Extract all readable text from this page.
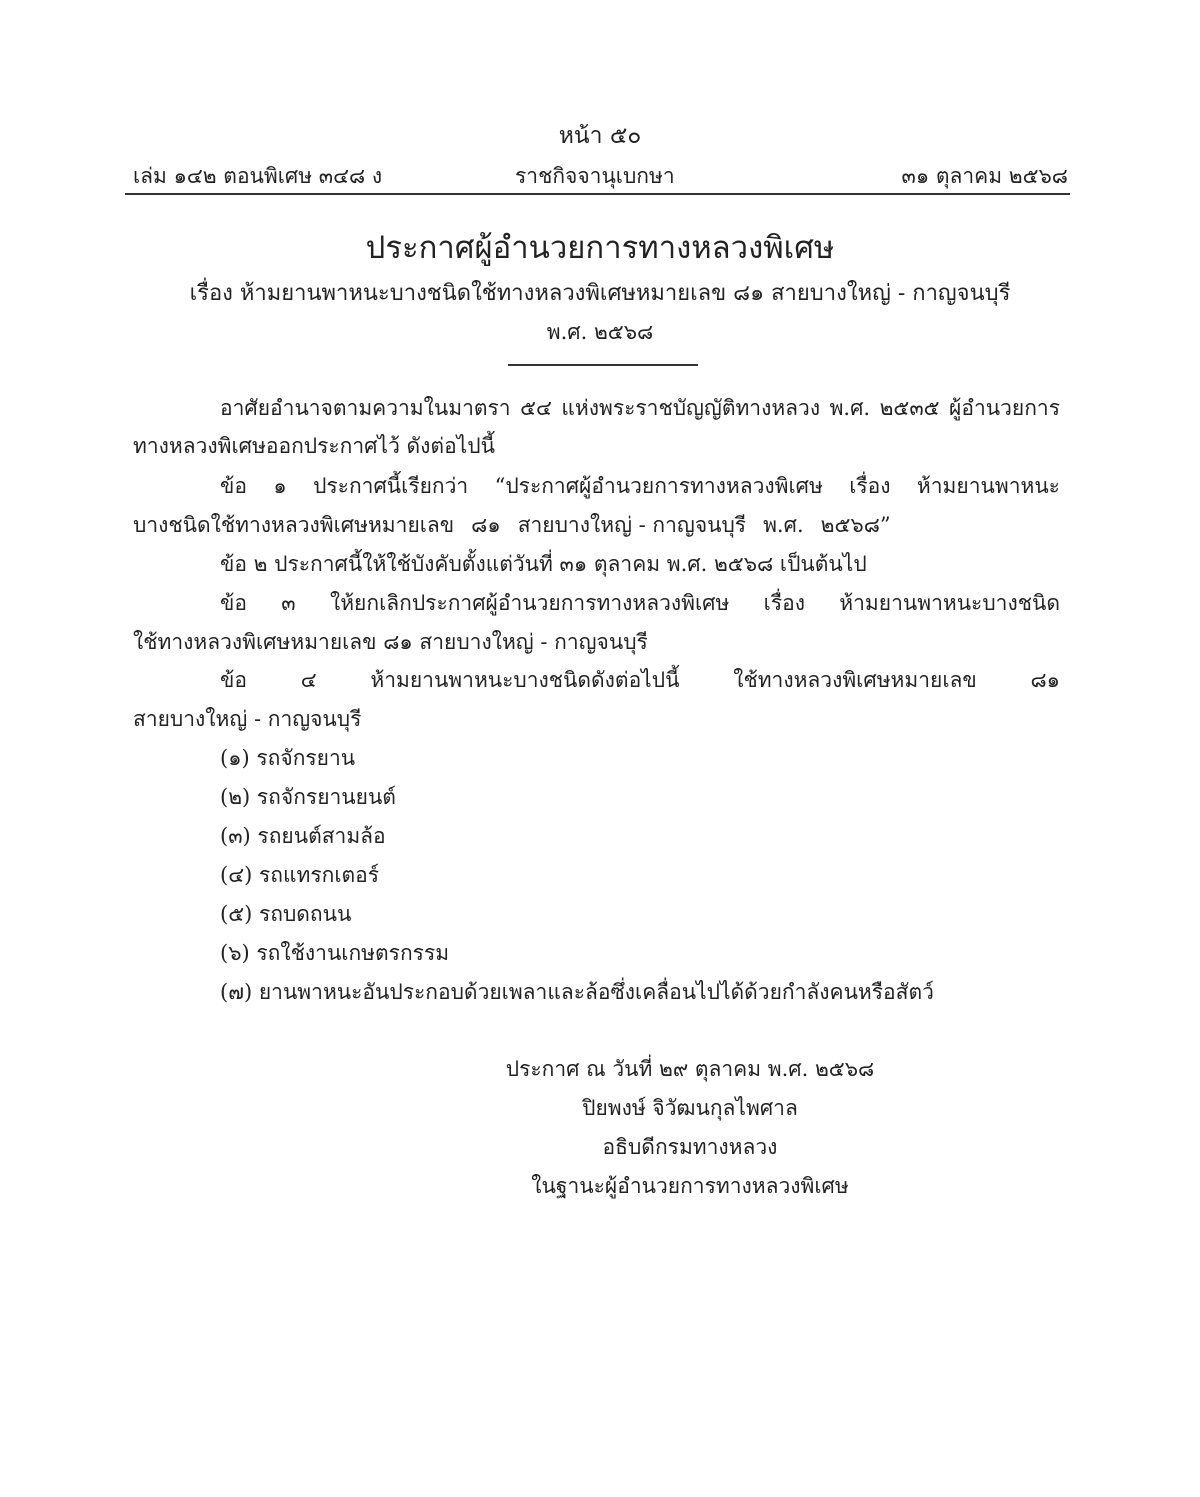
หน้า ๕๐
เล่ม ๑๔๒ ตอนพิเศษ ๓๔๘ ง	ราชกิจจานุเบกษา	๓๑ ตุลาคม ๒๕๖๘
ประกาศผู้อำนวยการทางหลวงพิเศษ
เรื่อง ห้ามยานพาหนะบางชนิดใช้ทางหลวงพิเศษหมายเลข ๘๑ สายบางใหญ่ - กาญจนบุรี
พ.ศ. ๒๕๖๘
อาศัยอำนาจตามความในมาตรา ๕๔ แห่งพระราชบัญญัติทางหลวง พ.ศ. ๒๕๓๕ ผู้อำนวยการ
ทางหลวงพิเศษออกประกาศไว้ ดังต่อไปนี้
ข้อ ๑ ประกาศนี้เรียกว่า “ประกาศผู้อำนวยการทางหลวงพิเศษ เรื่อง ห้ามยานพาหนะ
บางชนิดใช้ทางหลวงพิเศษหมายเลข ๘๑ สายบางใหญ่ - กาญจนบุรี พ.ศ. ๒๕๖๘”
ข้อ ๒ ประกาศนี้ให้ใช้บังคับตั้งแต่วันที่ ๓๑ ตุลาคม พ.ศ. ๒๕๖๘ เป็นต้นไป
ข้อ ๓ ให้ยกเลิกประกาศผู้อำนวยการทางหลวงพิเศษ เรื่อง ห้ามยานพาหนะบางชนิด
ใช้ทางหลวงพิเศษหมายเลข ๘๑ สายบางใหญ่ - กาญจนบุรี
ข้อ	๔	ห้ามยานพาหนะบางชนิดดังต่อไปนี้	ใช้ทางหลวงพิเศษหมายเลข	๘๑
สายบางใหญ่ - กาญจนบุรี
(๑) รถจักรยาน
(๒) รถจักรยานยนต์
(๓) รถยนต์สามล้อ
(๔) รถแทรกเตอร์
(๕) รถบดถนน
(๖) รถใช้งานเกษตรกรรม
(๗) ยานพาหนะอันประกอบด้วยเพลาและล้อซึ่งเคลื่อนไปได้ด้วยกำลังคนหรือสัตว์
ประกาศ ณ วันที่ ๒๙ ตุลาคม พ.ศ. ๒๕๖๘
ปิยพงษ์ จิวัฒนกุลไพศาล
อธิบดีกรมทางหลวง
ในฐานะผู้อำนวยการทางหลวงพิเศษ
